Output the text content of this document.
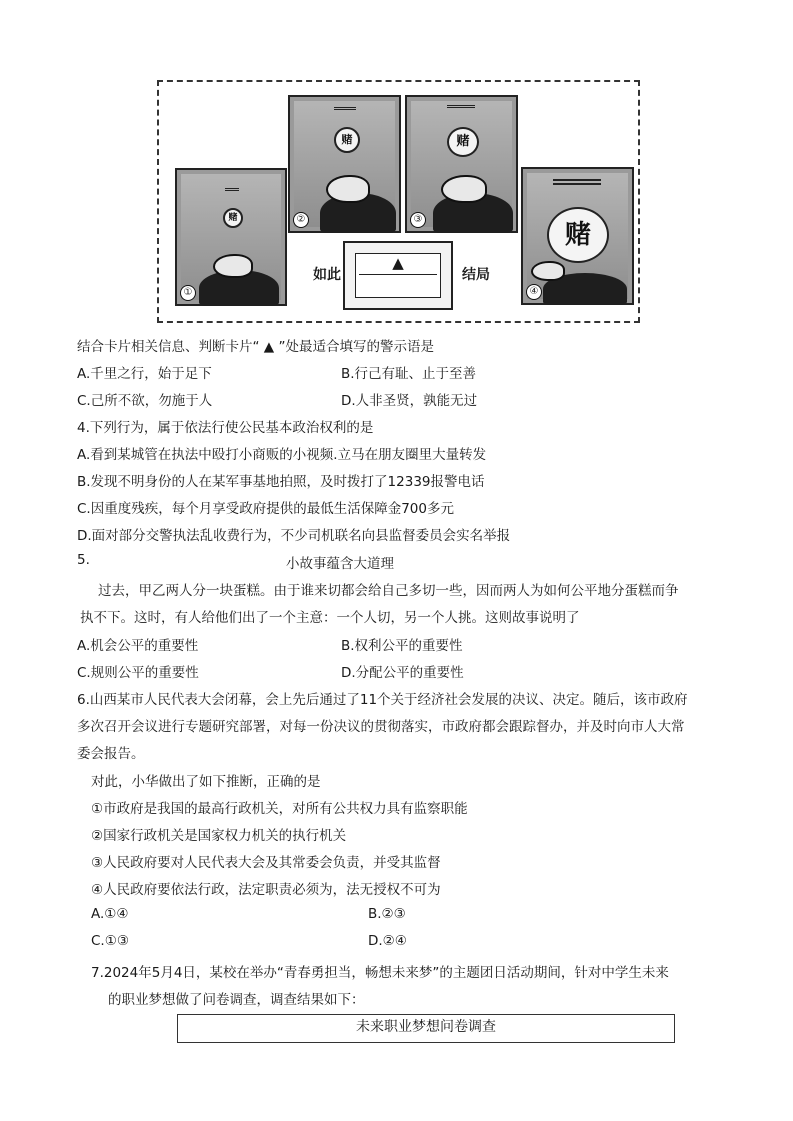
赌
①
赌
②
赌
③
赌
④
如此
▲
结局
结合卡片相关信息、判断卡片“ ▲ ”处最适合填写的警示语是
A.千里之行，始于足下	B.行己有耻、止于至善
C.己所不欲，勿施于人	D.人非圣贤，孰能无过
4.下列行为，属于依法行使公民基本政治权利的是
A.看到某城管在执法中殴打小商贩的小视频.立马在朋友圈里大量转发
B.发现不明身份的人在某军事基地拍照，及时拨打了12339报警电话
C.因重度残疾，每个月享受政府提供的最低生活保障金700多元
D.面对部分交警执法乱收费行为，不少司机联名向县监督委员会实名举报
5.	小故事蕴含大道理
过去，甲乙两人分一块蛋糕。由于谁来切都会给自己多切一些，因而两人为如何公平地分蛋糕而争
执不下。这时，有人给他们出了一个主意：一个人切，另一个人挑。这则故事说明了
A.机会公平的重要性	B.权利公平的重要性
C.规则公平的重要性	D.分配公平的重要性
6.山西某市人民代表大会闭幕，会上先后通过了11个关于经济社会发展的决议、决定。随后，该市政府
多次召开会议进行专题研究部署，对每一份决议的贯彻落实，市政府都会跟踪督办，并及时向市人大常
委会报告。
对此，小华做出了如下推断，正确的是
①市政府是我国的最高行政机关，对所有公共权力具有监察职能
②国家行政机关是国家权力机关的执行机关
③人民政府要对人民代表大会及其常委会负责，并受其监督
④人民政府要依法行政，法定职责必须为，法无授权不可为
A.①④	B.②③
C.①③	D.②④
7.2024年5月4日，某校在举办“青春勇担当，畅想未来梦”的主题团日活动期间，针对中学生未来
的职业梦想做了问卷调查，调查结果如下：
未来职业梦想问卷调查
